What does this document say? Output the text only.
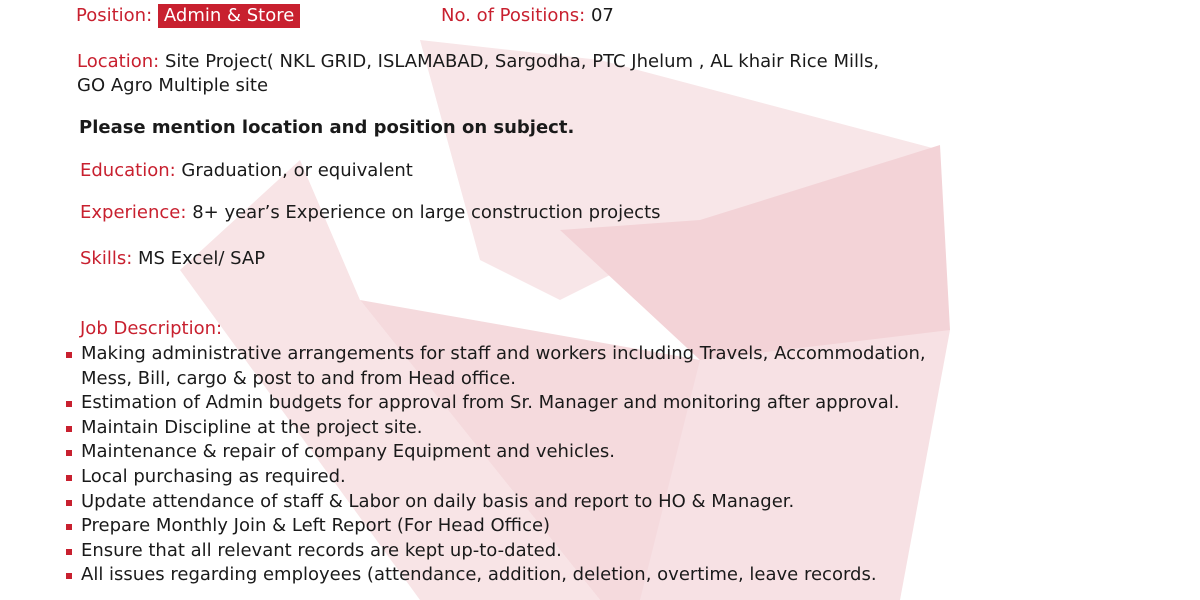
Position: Admin & Store	No. of Positions: 07
Location: Site Project( NKL GRID, ISLAMABAD, Sargodha, PTC Jhelum , AL khair Rice Mills,
GO Agro Multiple site
Please mention location and position on subject.
Education: Graduation, or equivalent
Experience: 8+ year’s Experience on large construction projects
Skills: MS Excel/ SAP
Job Description:
Making administrative arrangements for staff and workers including Travels, Accommodation,
Mess, Bill, cargo & post to and from Head office.
Estimation of Admin budgets for approval from Sr. Manager and monitoring after approval.
Maintain Discipline at the project site.
Maintenance & repair of company Equipment and vehicles.
Local purchasing as required.
Update attendance of staff & Labor on daily basis and report to HO & Manager.
Prepare Monthly Join & Left Report (For Head Office)
Ensure that all relevant records are kept up-to-dated.
All issues regarding employees (attendance, addition, deletion, overtime, leave records.
